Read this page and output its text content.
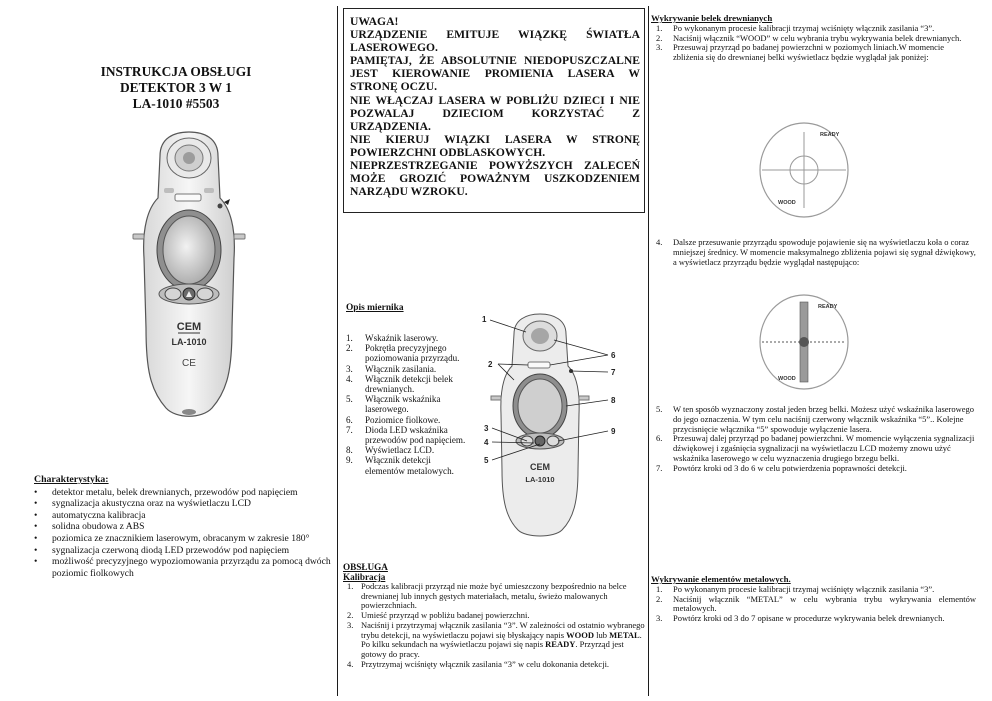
INSTRUKCJA OBSŁUGI
DETEKTOR 3 W 1
LA-1010 #5503
CEM
LA-1010
CE
Charakterystyka:
• detektor metalu, belek drewnianych, przewodów pod napięciem
• sygnalizacja akustyczna oraz na wyświetlaczu LCD
• automatyczna kalibracja
• solidna obudowa z ABS
• poziomica ze znacznikiem laserowym, obracanym w zakresie 180°
• sygnalizacja czerwoną diodą LED przewodów pod napięciem
• możliwość precyzyjnego wypoziomowania przyrządu za pomocą dwóch poziomic fiolkowych

UWAGA!

URZĄDZENIE EMITUJE WIĄZKĘ ŚWIATŁA LASEROWEGO.

PAMIĘTAJ, ŻE ABSOLUTNIE NIEDOPUSZCZALNE JEST KIEROWANIE PROMIENIA LASERA W STRONĘ OCZU.

NIE WŁĄCZAJ LASERA W POBLIŻU DZIECI I NIE POZWALAJ DZIECIOM KORZYSTAĆ Z URZĄDZENIA.

NIE KIERUJ WIĄZKI LASERA W STRONĘ POWIERZCHNI ODBLASKOWYCH.

NIEPRZESTRZEGANIE POWYŻSZYCH ZALECEŃ MOŻE GROZIĆ POWAŻNYM USZKODZENIEM NARZĄDU WZROKU.

Opis miernika
1. Wskaźnik laserowy.
2. Pokrętła precyzyjnego poziomowania przyrządu.
3. Włącznik zasilania.
4. Włącznik detekcji belek drewnianych.
5. Włącznik wskaźnika laserowego.
6. Poziomice fiolkowe.
7. Dioda LED wskaźnika przewodów pod napięciem.
8. Wyświetlacz LCD.
9. Włącznik detekcji elementów metalowych.	CEM
LA-1010
1
2
6
7
8
3
4
9
5
OBSŁUGA
Kalibracja
1. Podczas kalibracji przyrząd nie może być umieszczony bezpośrednio na belce drewnianej lub innych gęstych materiałach, metalu, świeżo malowanych powierzchniach.
2. Umieść przyrząd w pobliżu badanej powierzchni.
3. Naciśnij i przytrzymaj włącznik zasilania “3”. W zależności od ostatnio wybranego trybu detekcji, na wyświetlaczu pojawi się błyskający napis WOOD lub METAL. Po kilku sekundach na wyświetlaczu pojawi się napis READY. Przyrząd jest gotowy do pracy.
4. Przytrzymaj wciśnięty włącznik zasilania “3” w celu dokonania detekcji.
Wykrywanie belek drewnianych
1. Po wykonanym procesie kalibracji trzymaj wciśnięty włącznik zasilania “3”.
2. Naciśnij włącznik “WOOD” w celu wybrania trybu wykrywania belek drewnianych.
3. Przesuwaj przyrząd po badanej powierzchni w poziomych liniach.W momencie zbliżenia się do drewnianej belki wyświetlacz będzie wyglądał jak poniżej:
READY
WOOD
4. Dalsze przesuwanie przyrządu spowoduje pojawienie się na wyświetlaczu koła o coraz mniejszej średnicy. W momencie maksymalnego zbliżenia pojawi się sygnał dźwiękowy, a wyświetlacz przyrządu będzie wyglądał następująco:
READY
WOOD
5. W ten sposób wyznaczony został jeden brzeg belki. Możesz użyć wskaźnika laserowego do jego oznaczenia. W tym celu naciśnij czerwony włącznik wskaźnika “5”.. Kolejne przycisnięcie włącznika “5” spowoduje wyłączenie lasera.
6. Przesuwaj dalej przyrząd po badanej powierzchni. W momencie wyłączenia sygnalizacji dźwiękowej i zgaśnięcia sygnalizacji na wyświetlaczu LCD możemy znowu użyć wskaźnika laserowego w celu wyznaczenia drugiego brzegu belki.
7. Powtórz kroki od 3 do 6 w celu potwierdzenia poprawności detekcji.
Wykrywanie elementów metalowych.
1. Po wykonanym procesie kalibracji trzymaj wciśnięty włącznik zasilania “3”.
2. Naciśnij włącznik “METAL” w celu wybrania trybu wykrywania elementów metalowych.
3. Powtórz kroki od 3 do 7 opisane w procedurze wykrywania belek drewnianych.
